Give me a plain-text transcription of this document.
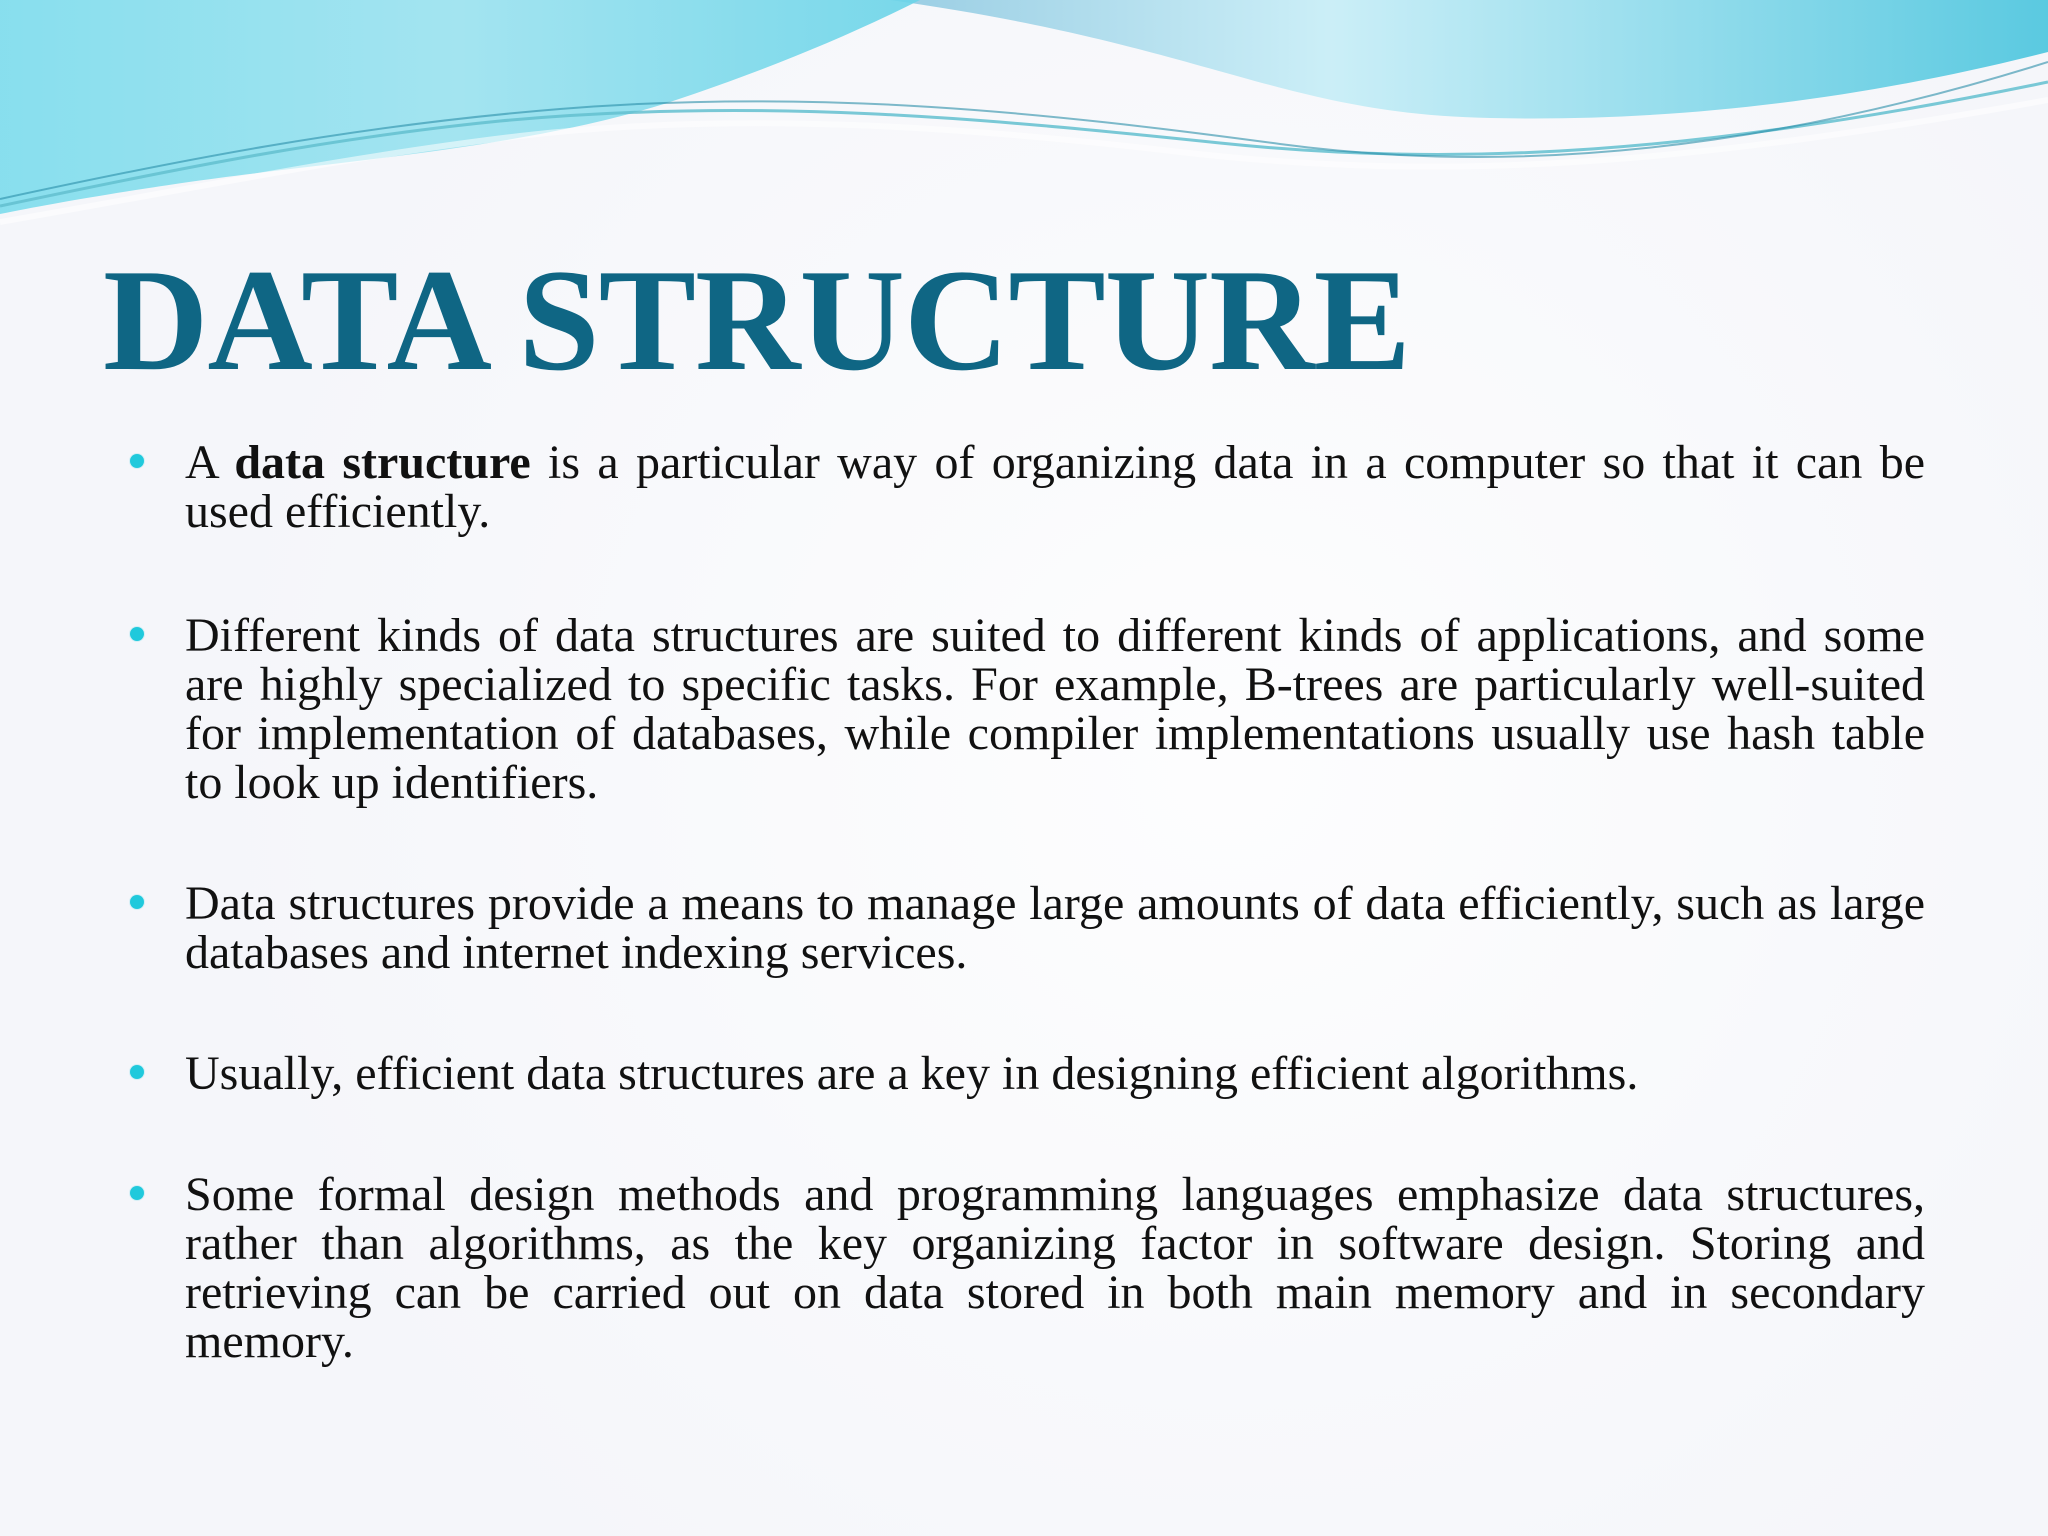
DATA STRUCTURE
A data structure is a particular way of organizing data in a computer so that it can be used efficiently.
Different kinds of data structures are suited to different kinds of applications, and some are highly specialized to specific tasks. For example, B-trees are particularly well-suited for implementation of databases, while compiler implementations usually use hash table to look up identifiers.
Data structures provide a means to manage large amounts of data efficiently, such as large databases and internet indexing services.
Usually, efficient data structures are a key in designing efficient algorithms.
Some formal design methods and programming languages emphasize data structures, rather than algorithms, as the key organizing factor in software design. Storing and retrieving can be carried out on data stored in both main memory and in secondary memory.
